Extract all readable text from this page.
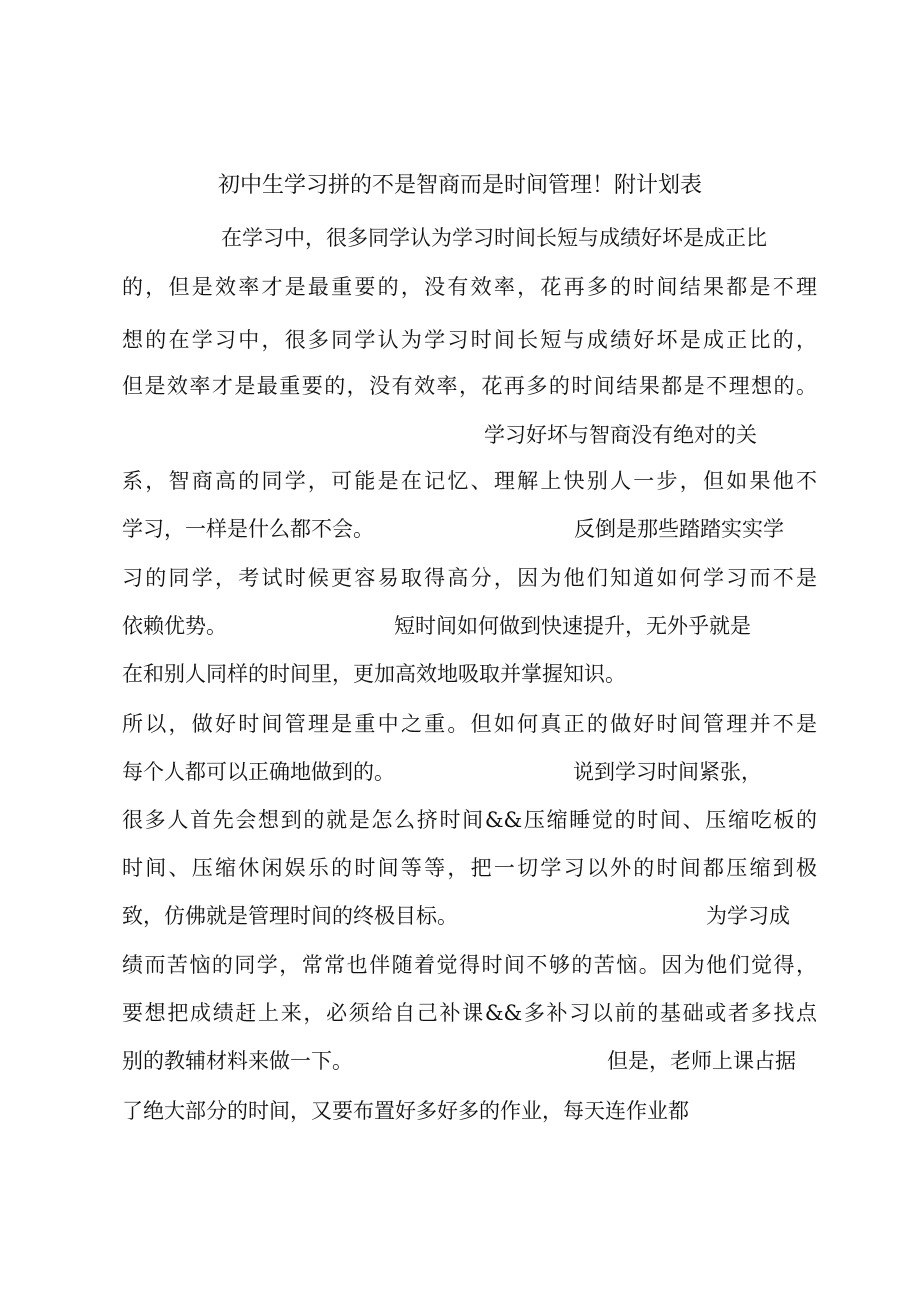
初中生学习拼的不是智商而是时间管理！附计划表
在学习中，很多同学认为学习时间长短与成绩好坏是成正比
的，但是效率才是最重要的，没有效率，花再多的时间结果都是不理
想的在学习中，很多同学认为学习时间长短与成绩好坏是成正比的，
但是效率才是最重要的，没有效率，花再多的时间结果都是不理想的。
学习好坏与智商没有绝对的关
系，智商高的同学，可能是在记忆、理解上快别人一步，但如果他不
学习，一样是什么都不会。	反倒是那些踏踏实实学
习的同学，考试时候更容易取得高分，因为他们知道如何学习而不是
依赖优势。	短时间如何做到快速提升，无外乎就是
在和别人同样的时间里，更加高效地吸取并掌握知识。
所以，做好时间管理是重中之重。但如何真正的做好时间管理并不是
每个人都可以正确地做到的。	说到学习时间紧张，
很多人首先会想到的就是怎么挤时间&&压缩睡觉的时间、压缩吃板的
时间、压缩休闲娱乐的时间等等，把一切学习以外的时间都压缩到极
致，仿佛就是管理时间的终极目标。	为学习成
绩而苦恼的同学，常常也伴随着觉得时间不够的苦恼。因为他们觉得，
要想把成绩赶上来，必须给自己补课&&多补习以前的基础或者多找点
别的教辅材料来做一下。	但是，老师上课占据
了绝大部分的时间，又要布置好多好多的作业，每天连作业都
